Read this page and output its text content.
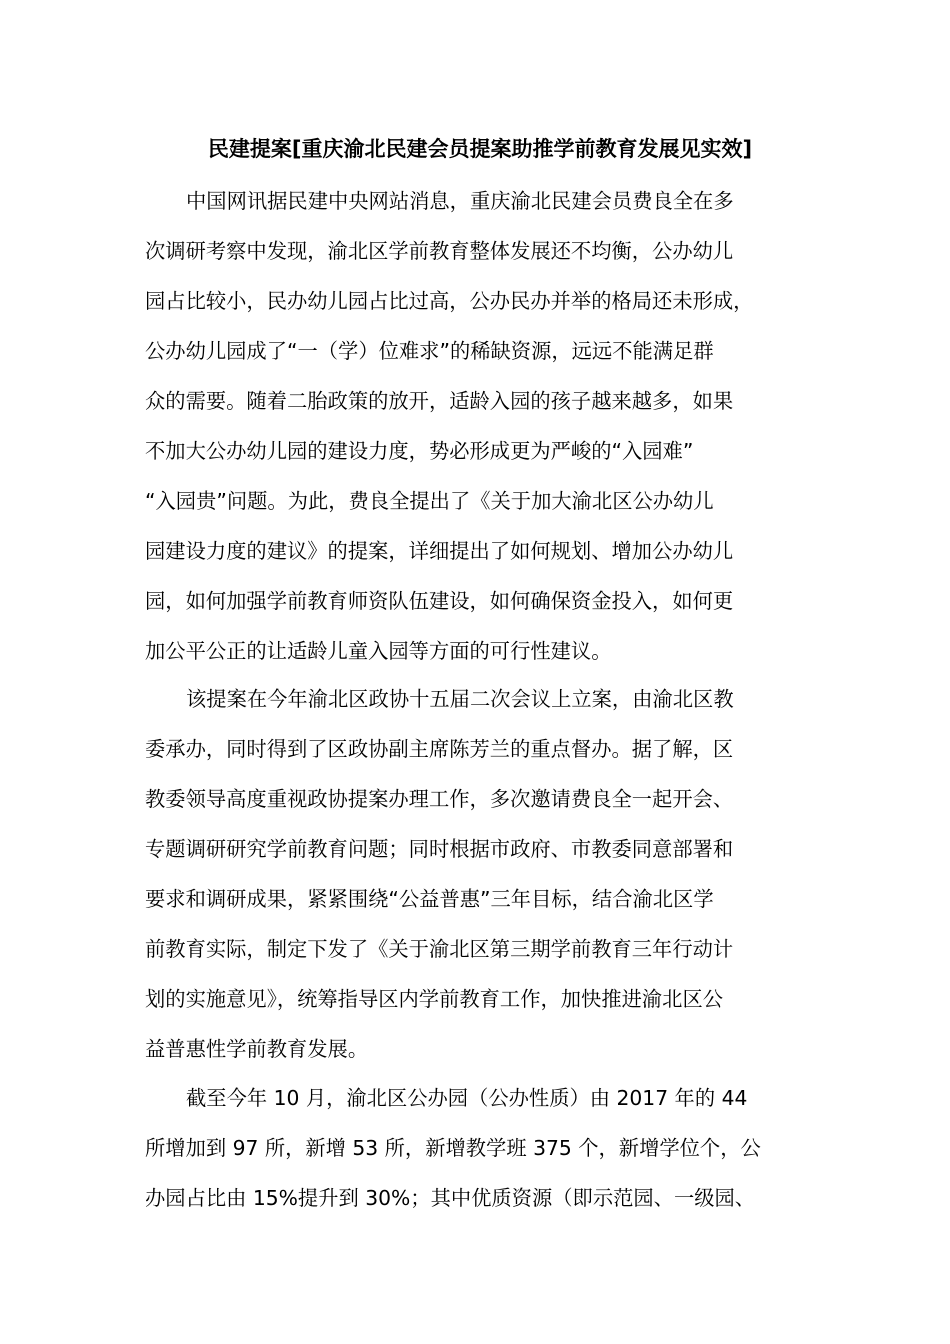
民建提案[重庆渝北民建会员提案助推学前教育发展见实效]
中国网讯据民建中央网站消息，重庆渝北民建会员费良全在多
次调研考察中发现，渝北区学前教育整体发展还不均衡，公办幼儿
园占比较小，民办幼儿园占比过高，公办民办并举的格局还未形成，
公办幼儿园成了“一（学）位难求”的稀缺资源，远远不能满足群
众的需要。随着二胎政策的放开，适龄入园的孩子越来越多，如果
不加大公办幼儿园的建设力度，势必形成更为严峻的“入园难”
“入园贵”问题。为此，费良全提出了《关于加大渝北区公办幼儿
园建设力度的建议》的提案，详细提出了如何规划、增加公办幼儿
园，如何加强学前教育师资队伍建设，如何确保资金投入，如何更
加公平公正的让适龄儿童入园等方面的可行性建议。
该提案在今年渝北区政协十五届二次会议上立案，由渝北区教
委承办，同时得到了区政协副主席陈芳兰的重点督办。据了解，区
教委领导高度重视政协提案办理工作，多次邀请费良全一起开会、
专题调研研究学前教育问题；同时根据市政府、市教委同意部署和
要求和调研成果，紧紧围绕“公益普惠”三年目标，结合渝北区学
前教育实际，制定下发了《关于渝北区第三期学前教育三年行动计
划的实施意见》，统筹指导区内学前教育工作，加快推进渝北区公
益普惠性学前教育发展。
截至今年 10 月，渝北区公办园（公办性质）由 2017 年的 44
所增加到 97 所，新增 53 所，新增教学班 375 个，新增学位个，公
办园占比由 15%提升到 30%；其中优质资源（即示范园、一级园、
